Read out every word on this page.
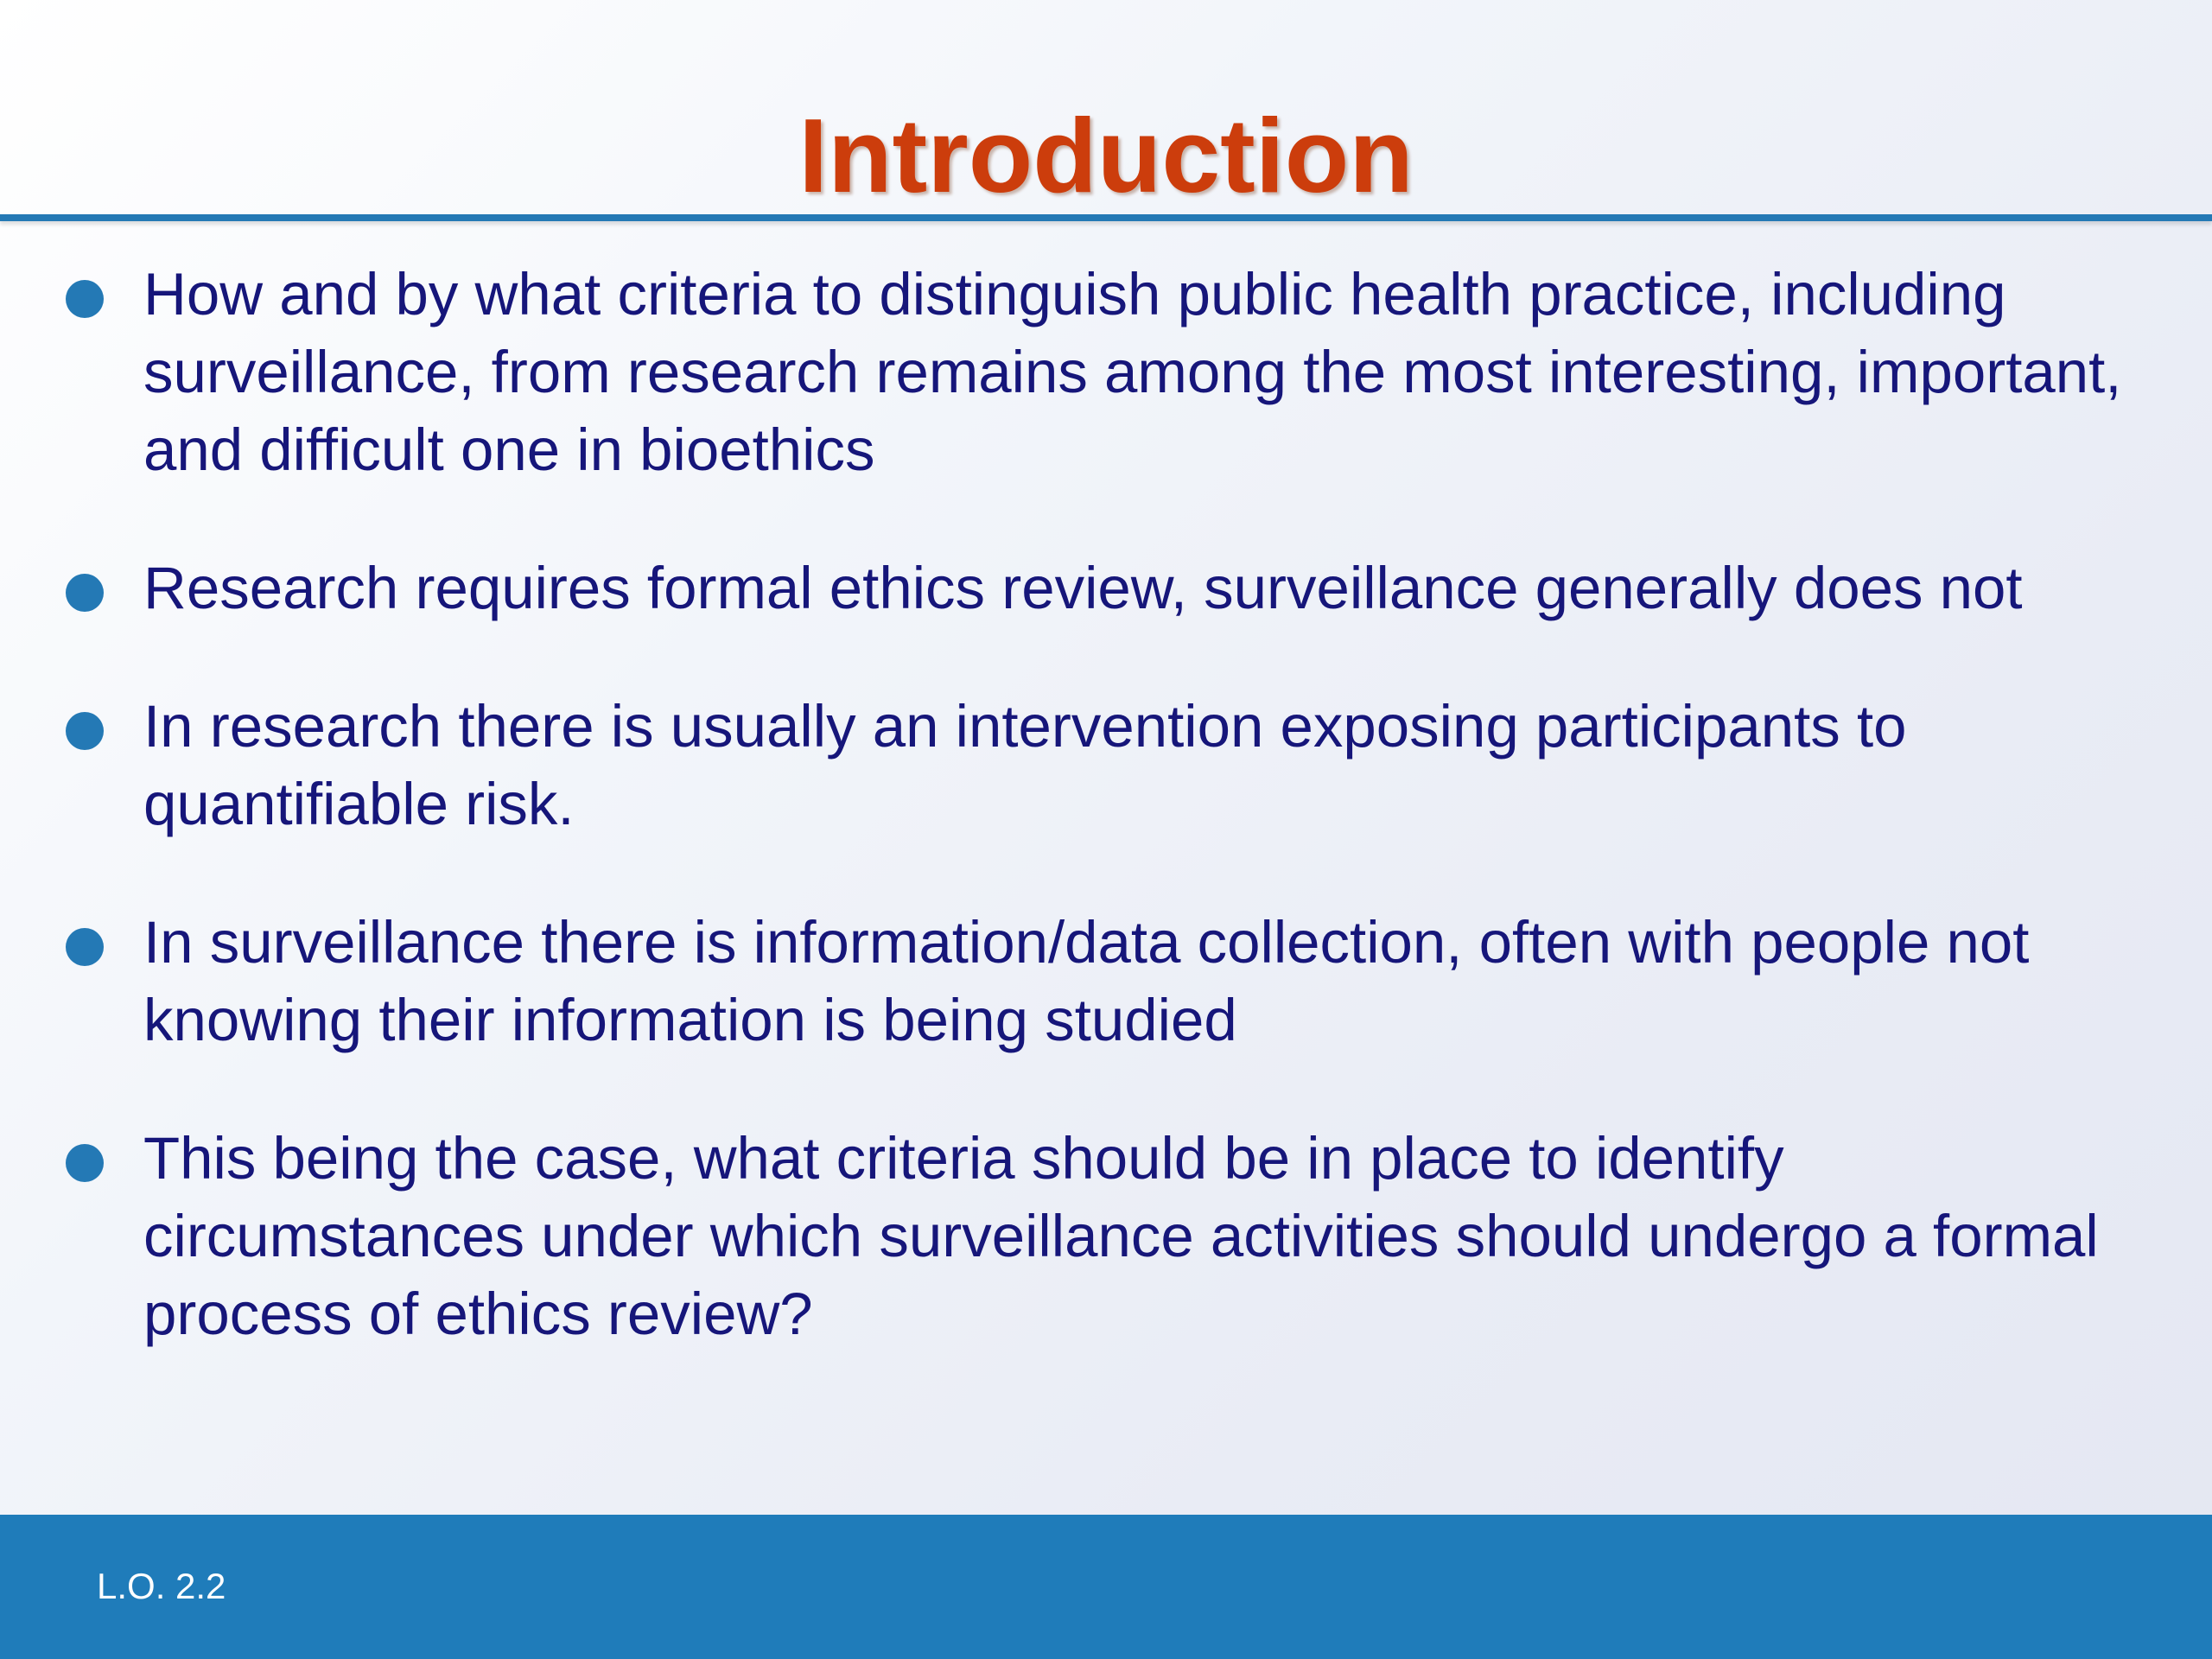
Introduction
How and by what criteria to distinguish public health practice, including surveillance, from research remains among the most interesting, important, and difficult one in bioethics
Research requires formal ethics review, surveillance generally does not
In research there is usually an intervention exposing participants to quantifiable risk.
In surveillance there is information/data collection, often with people not knowing their information is being studied
This being the case, what criteria should be in place to identify circumstances under which surveillance activities should undergo a formal process of ethics review?
L.O. 2.2
